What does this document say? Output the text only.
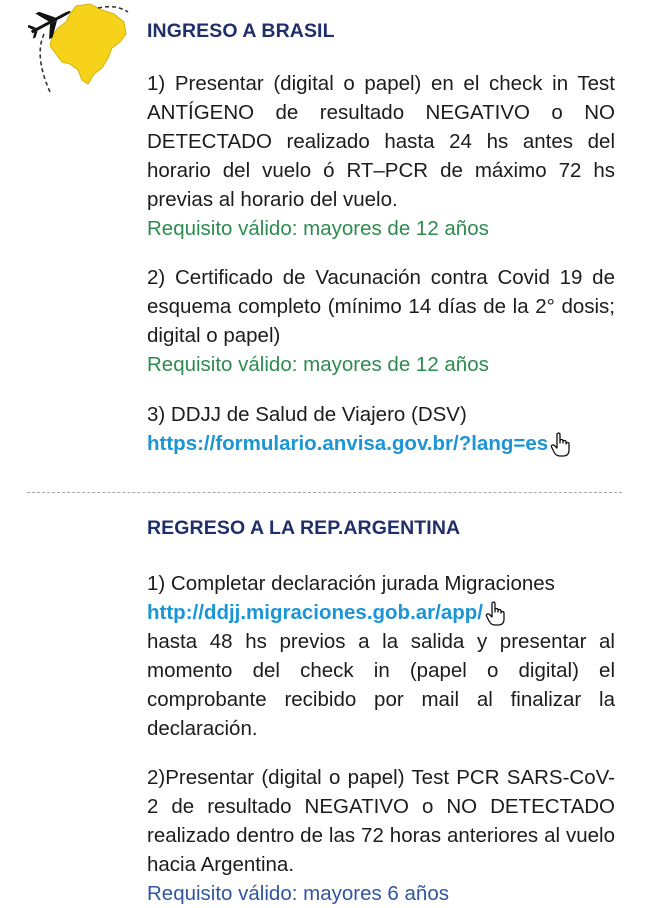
INGRESO A BRASIL

1) Presentar (digital o papel) en el check in Test ANTÍGENO de resultado NEGATIVO o NO DETECTADO realizado hasta 24 hs antes del horario del vuelo ó RT–PCR de máximo 72 hs previas al horario del vuelo.

Requisito válido: mayores de 12 años

2) Certificado de Vacunación contra Covid 19 de esquema completo (mínimo 14 días de la 2° dosis; digital o papel)

Requisito válido: mayores de 12 años

3) DDJJ de Salud de Viajero (DSV)

https://formulario.anvisa.gov.br/?lang=es

REGRESO A LA REP.ARGENTINA

1) Completar declaración jurada Migraciones

http://ddjj.migraciones.gob.ar/app/

hasta 48 hs previos a la salida y presentar al momento del check in (papel o digital) el comprobante recibido por mail al finalizar la declaración.

2)Presentar (digital o papel) Test PCR SARS-CoV-2 de resultado NEGATIVO o NO DETECTADO realizado dentro de las 72 horas anteriores al vuelo hacia Argentina.

Requisito válido: mayores 6 años
